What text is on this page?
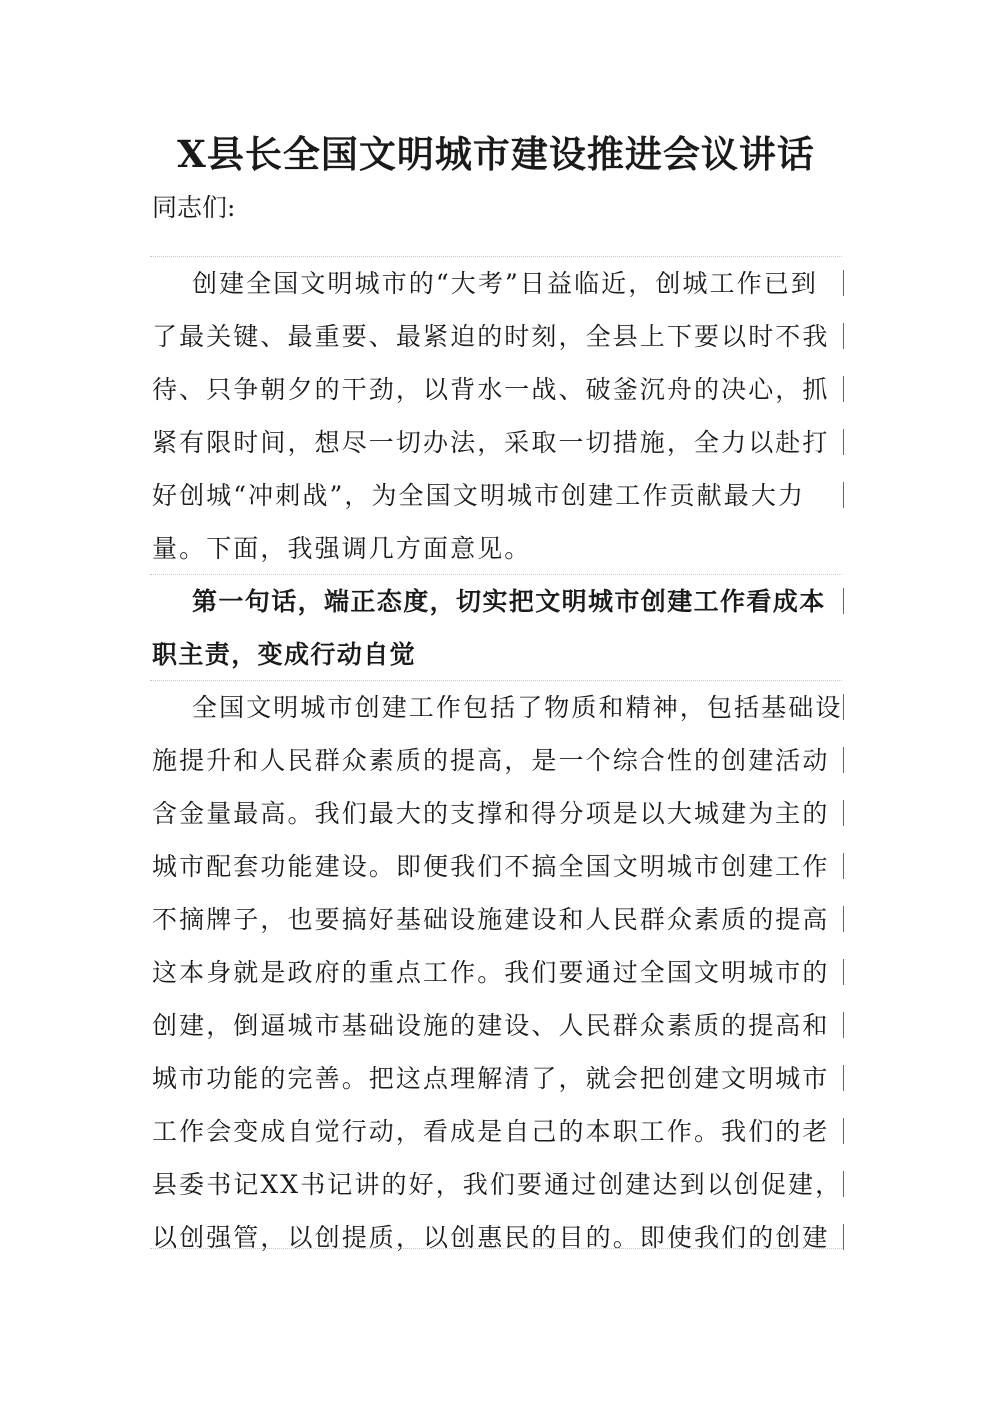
X县长全国文明城市建设推进会议讲话
同志们:
创建全国文明城市的“大考”日益临近，创城工作已到
了最关键、最重要、最紧迫的时刻，全县上下要以时不我
待、只争朝夕的干劲，以背水一战、破釜沉舟的决心，抓
紧有限时间，想尽一切办法，采取一切措施，全力以赴打
好创城“冲刺战”，为全国文明城市创建工作贡献最大力
量。下面，我强调几方面意见。
第一句话，端正态度，切实把文明城市创建工作看成本
职主责，变成行动自觉
全国文明城市创建工作包括了物质和精神，包括基础设
施提升和人民群众素质的提高，是一个综合性的创建活动
含金量最高。我们最大的支撑和得分项是以大城建为主的
城市配套功能建设。即便我们不搞全国文明城市创建工作
不摘牌子，也要搞好基础设施建设和人民群众素质的提高
这本身就是政府的重点工作。我们要通过全国文明城市的
创建，倒逼城市基础设施的建设、人民群众素质的提高和
城市功能的完善。把这点理解清了，就会把创建文明城市
工作会变成自觉行动，看成是自己的本职工作。我们的老
县委书记XX书记讲的好，我们要通过创建达到以创促建，
以创强管，以创提质，以创惠民的目的。即使我们的创建
